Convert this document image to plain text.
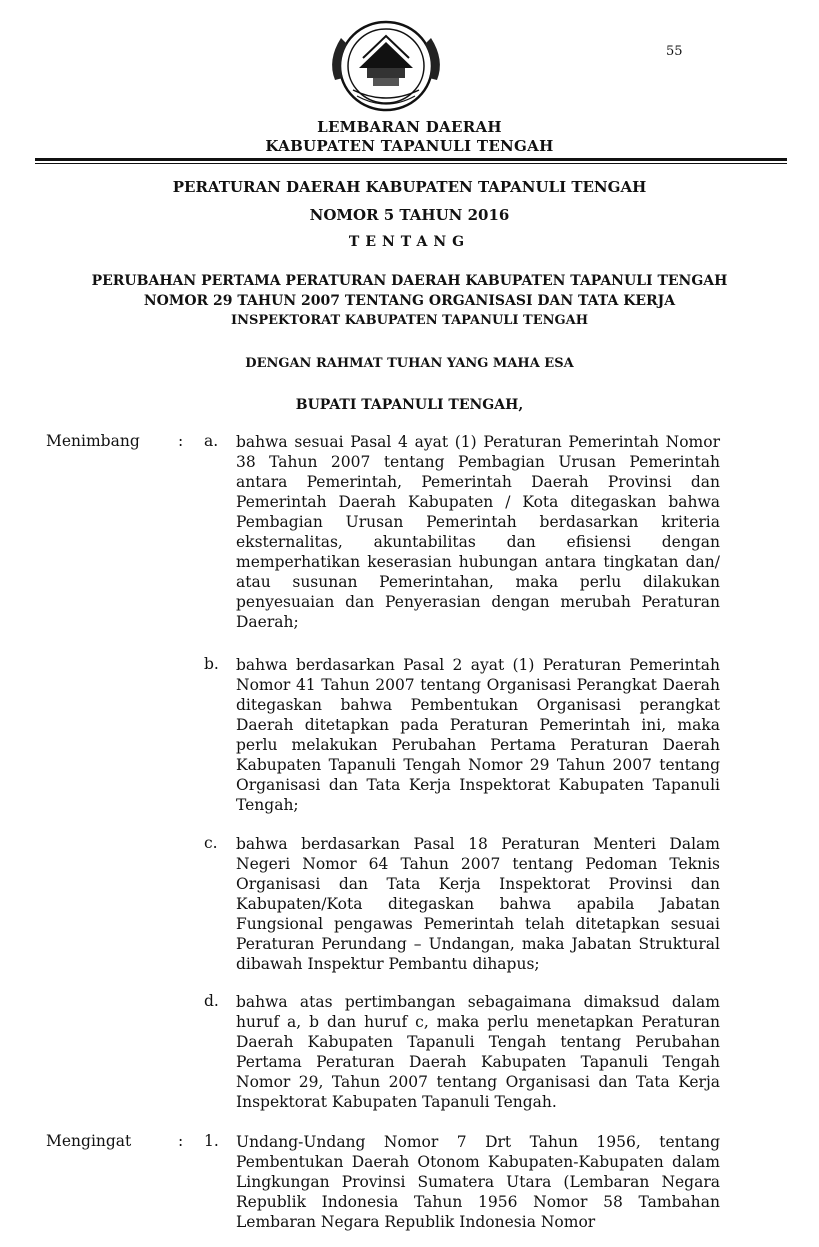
55
LEMBARAN DAERAH
KABUPATEN TAPANULI TENGAH
PERATURAN DAERAH KABUPATEN TAPANULI TENGAH
NOMOR 5 TAHUN 2016
TENTANG
PERUBAHAN PERTAMA PERATURAN DAERAH KABUPATEN TAPANULI TENGAH
NOMOR 29 TAHUN 2007 TENTANG ORGANISASI DAN TATA KERJA
INSPEKTORAT KABUPATEN TAPANULI TENGAH
DENGAN RAHMAT TUHAN YANG MAHA ESA
BUPATI TAPANULI TENGAH,
Menimbang : a. bahwa sesuai Pasal 4 ayat (1) Peraturan Pemerintah Nomor 38 Tahun 2007 tentang Pembagian Urusan Pemerintah antara Pemerintah, Pemerintah Daerah Provinsi dan Pemerintah Daerah Kabupaten / Kota ditegaskan bahwa Pembagian Urusan Pemerintah berdasarkan kriteria eksternalitas, akuntabilitas dan efisiensi dengan memperhatikan keserasian hubungan antara tingkatan dan/ atau susunan Pemerintahan, maka perlu dilakukan penyesuaian dan Penyerasian dengan merubah Peraturan Daerah;

b. bahwa berdasarkan Pasal 2 ayat (1) Peraturan Pemerintah Nomor 41 Tahun 2007 tentang Organisasi Perangkat Daerah ditegaskan bahwa Pembentukan Organisasi perangkat Daerah ditetapkan pada Peraturan Pemerintah ini, maka perlu melakukan Perubahan Pertama Peraturan Daerah Kabupaten Tapanuli Tengah Nomor 29 Tahun 2007 tentang Organisasi dan Tata Kerja Inspektorat Kabupaten Tapanuli Tengah;

c. bahwa berdasarkan Pasal 18 Peraturan Menteri Dalam Negeri Nomor 64 Tahun 2007 tentang Pedoman Teknis Organisasi dan Tata Kerja Inspektorat Provinsi dan Kabupaten/Kota ditegaskan bahwa apabila Jabatan Fungsional pengawas Pemerintah telah ditetapkan sesuai Peraturan Perundang – Undangan, maka Jabatan Struktural dibawah Inspektur Pembantu dihapus;

d. bahwa atas pertimbangan sebagaimana dimaksud dalam huruf a, b dan huruf c, maka perlu menetapkan Peraturan Daerah Kabupaten Tapanuli Tengah tentang Perubahan Pertama Peraturan Daerah Kabupaten Tapanuli Tengah Nomor 29, Tahun 2007 tentang Organisasi dan Tata Kerja Inspektorat Kabupaten Tapanuli Tengah.

Mengingat	: 1. Undang-Undang Nomor 7 Drt Tahun 1956, tentang Pembentukan Daerah Otonom Kabupaten-Kabupaten dalam Lingkungan Provinsi Sumatera Utara (Lembaran Negara Republik Indonesia Tahun 1956 Nomor 58 Tambahan Lembaran Negara Republik Indonesia Nomor
